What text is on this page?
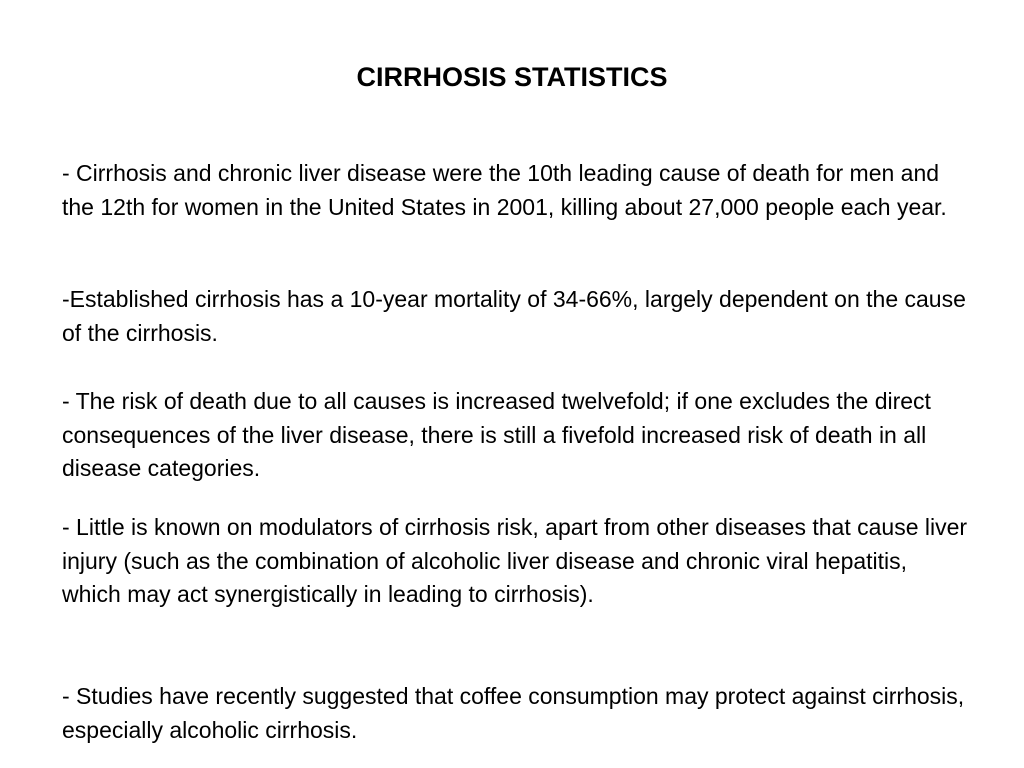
CIRRHOSIS STATISTICS

- Cirrhosis and chronic liver disease were the 10th leading cause of death for men and the 12th for women in the United States in 2001, killing about 27,000 people each year.

-Established cirrhosis has a 10-year mortality of 34-66%, largely dependent on the cause of the cirrhosis.

- The risk of death due to all causes is increased twelvefold; if one excludes the direct consequences of the liver disease, there is still a fivefold increased risk of death in all disease categories.

- Little is known on modulators of cirrhosis risk, apart from other diseases that cause liver injury (such as the combination of alcoholic liver disease and chronic viral hepatitis, which may act synergistically in leading to cirrhosis).

- Studies have recently suggested that coffee consumption may protect against cirrhosis, especially alcoholic cirrhosis.
